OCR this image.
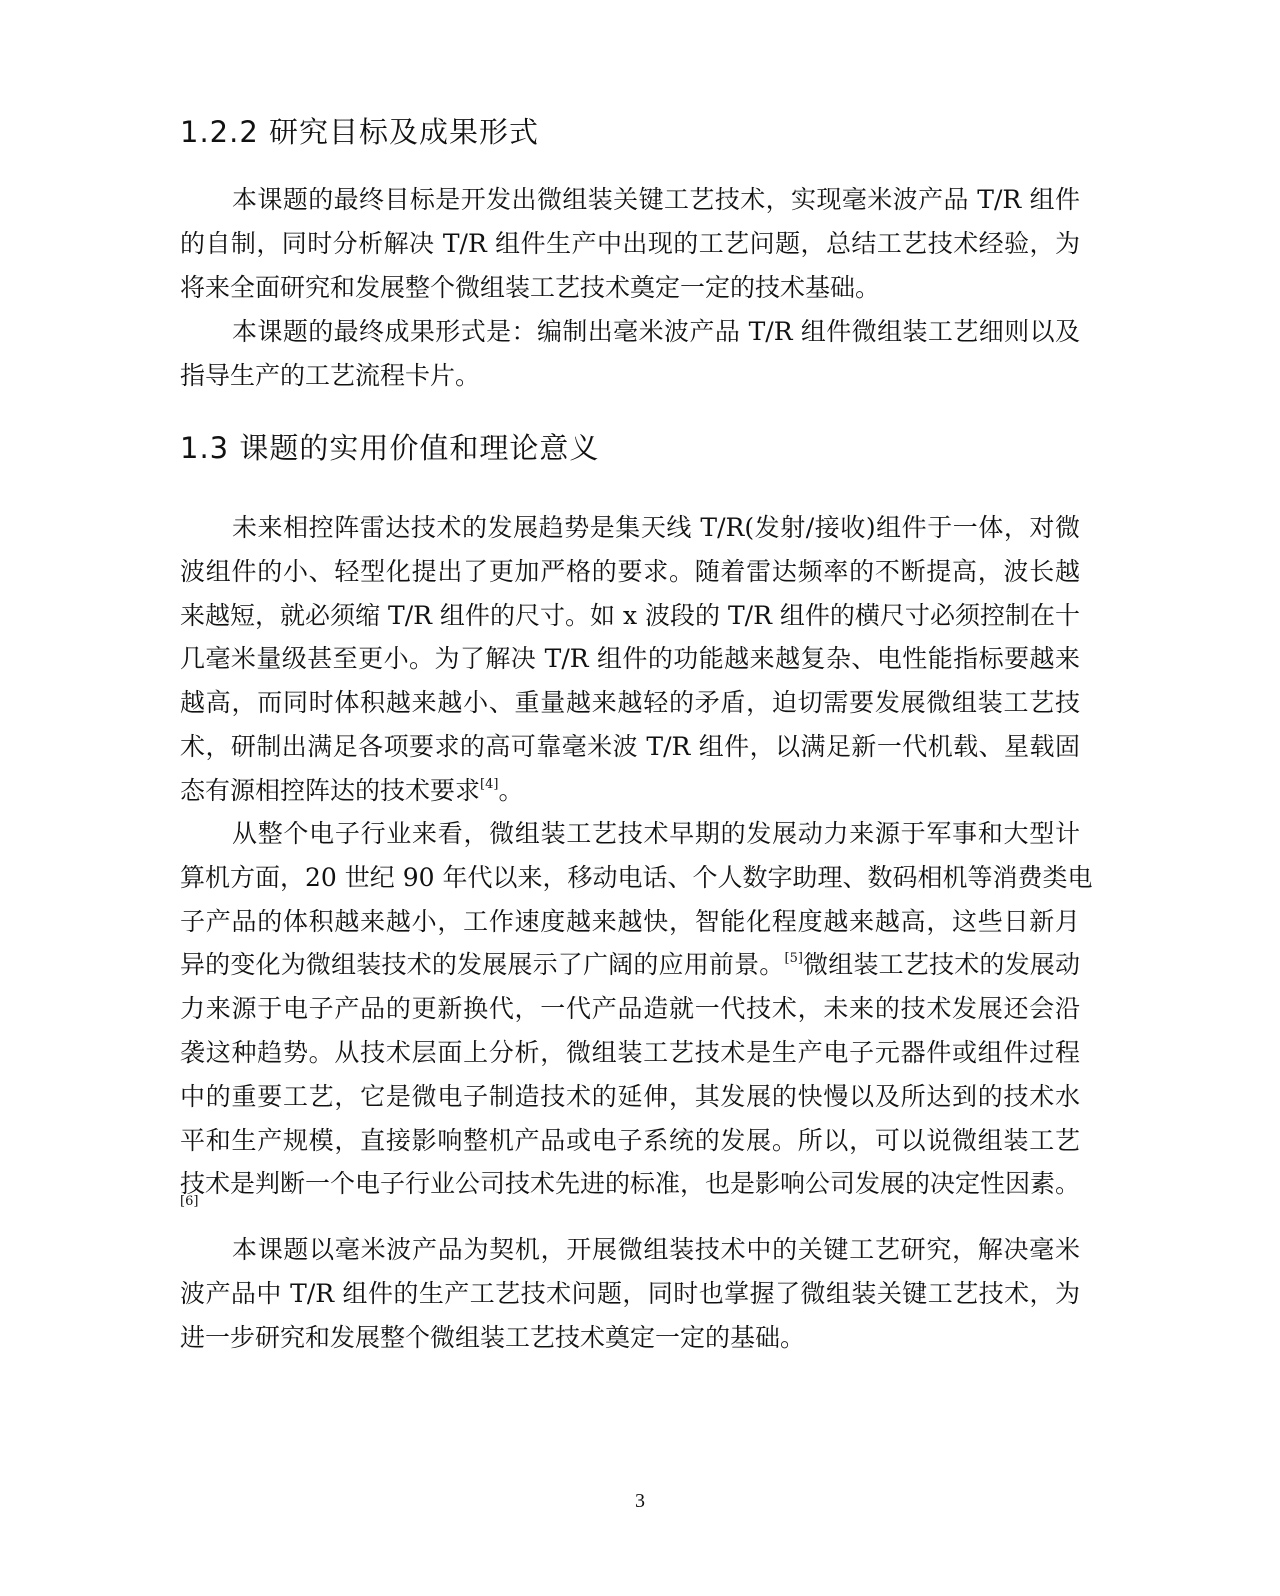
1.2.2 研究目标及成果形式
本课题的最终目标是开发出微组装关键工艺技术，实现毫米波产品 T/R 组件
的自制，同时分析解决 T/R 组件生产中出现的工艺问题，总结工艺技术经验，为
将来全面研究和发展整个微组装工艺技术奠定一定的技术基础。
本课题的最终成果形式是：编制出毫米波产品 T/R 组件微组装工艺细则以及
指导生产的工艺流程卡片。
1.3 课题的实用价值和理论意义
未来相控阵雷达技术的发展趋势是集天线 T/R(发射/接收)组件于一体，对微
波组件的小、轻型化提出了更加严格的要求。随着雷达频率的不断提高，波长越
来越短，就必须缩 T/R 组件的尺寸。如 x 波段的 T/R 组件的横尺寸必须控制在十
几毫米量级甚至更小。为了解决 T/R 组件的功能越来越复杂、电性能指标要越来
越高，而同时体积越来越小、重量越来越轻的矛盾，迫切需要发展微组装工艺技
术，研制出满足各项要求的高可靠毫米波 T/R 组件，以满足新一代机载、星载固
态有源相控阵达的技术要求[4]。
从整个电子行业来看，微组装工艺技术早期的发展动力来源于军事和大型计
算机方面，20 世纪 90 年代以来，移动电话、个人数字助理、数码相机等消费类电
子产品的体积越来越小，工作速度越来越快，智能化程度越来越高，这些日新月
异的变化为微组装技术的发展展示了广阔的应用前景。[5]微组装工艺技术的发展动
力来源于电子产品的更新换代，一代产品造就一代技术，未来的技术发展还会沿
袭这种趋势。从技术层面上分析，微组装工艺技术是生产电子元器件或组件过程
中的重要工艺，它是微电子制造技术的延伸，其发展的快慢以及所达到的技术水
平和生产规模，直接影响整机产品或电子系统的发展。所以，可以说微组装工艺
技术是判断一个电子行业公司技术先进的标准，也是影响公司发展的决定性因素。
[6]
本课题以毫米波产品为契机，开展微组装技术中的关键工艺研究，解决毫米
波产品中 T/R 组件的生产工艺技术问题，同时也掌握了微组装关键工艺技术，为
进一步研究和发展整个微组装工艺技术奠定一定的基础。
3
